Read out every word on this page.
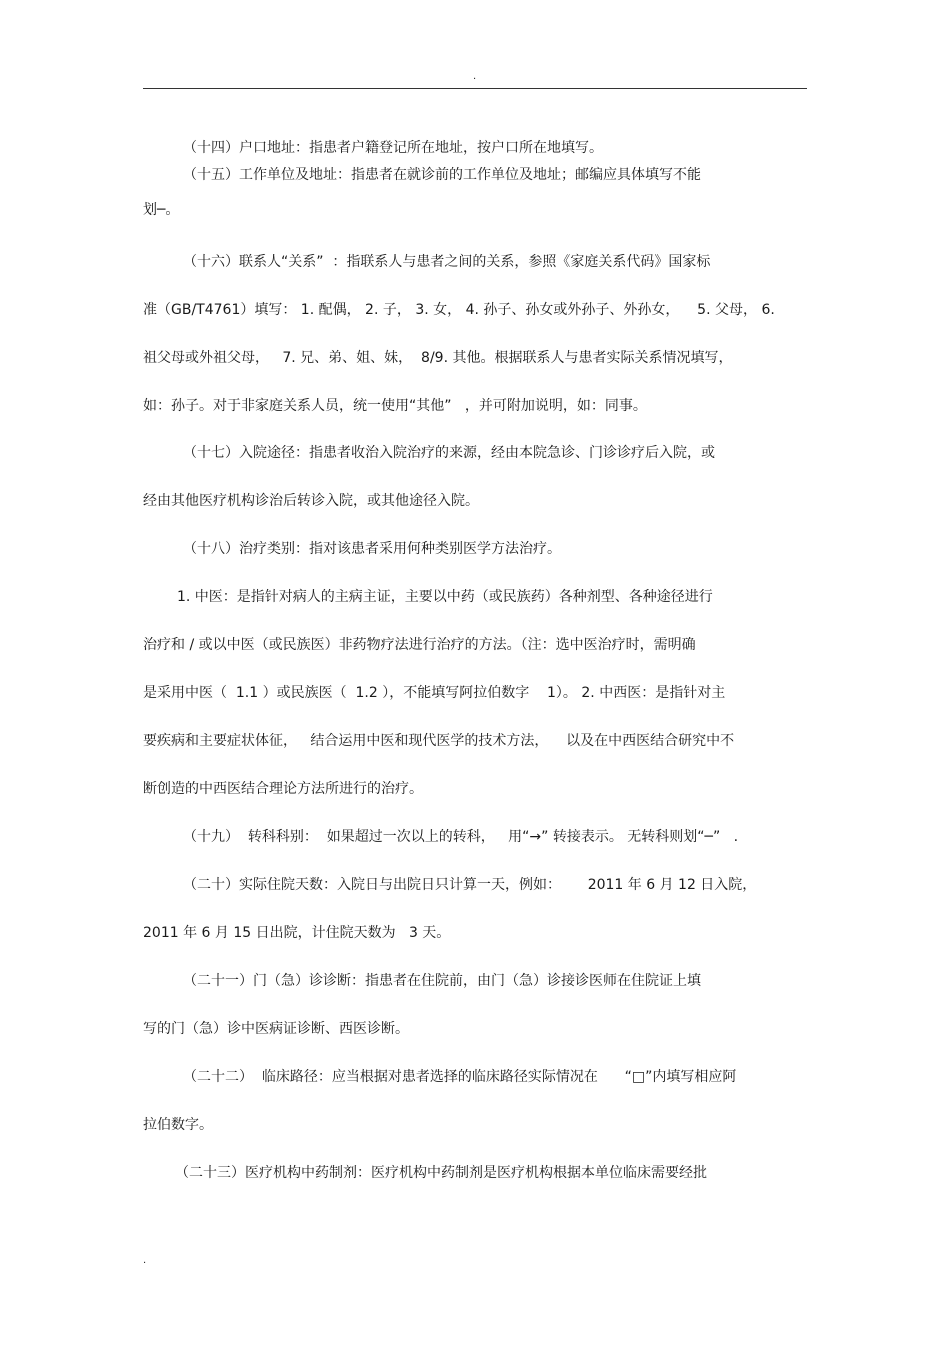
.
（十四）户口地址：指患者户籍登记所在地址，按户口所在地填写。
（十五）工作单位及地址：指患者在就诊前的工作单位及地址；邮编应具体填写不能
划─。
（十六）联系人“关系”  ：指联系人与患者之间的关系，参照《家庭关系代码》国家标
准（GB/T4761）填写： 1. 配偶， 2. 子， 3. 女， 4. 孙子、孙女或外孙子、外孙女，    5. 父母， 6.
祖父母或外祖父母，   7. 兄、弟、姐、妹，  8/9. 其他。根据联系人与患者实际关系情况填写，
如：孙子。对于非家庭关系人员，统一使用“其他”   ，并可附加说明，如：同事。
（十七）入院途径：指患者收治入院治疗的来源，经由本院急诊、门诊诊疗后入院，或
经由其他医疗机构诊治后转诊入院，或其他途径入院。
（十八）治疗类别：指对该患者采用何种类别医学方法治疗。
1. 中医：是指针对病人的主病主证，主要以中药（或民族药）各种剂型、各种途径进行
治疗和 / 或以中医（或民族医）非药物疗法进行治疗的方法。（注：选中医治疗时，需明确
是采用中医（  1.1 ）或民族医（  1.2 ），不能填写阿拉伯数字    1）。 2. 中西医：是指针对主
要疾病和主要症状体征，   结合运用中医和现代医学的技术方法，    以及在中西医结合研究中不
断创造的中西医结合理论方法所进行的治疗。
（十九）  转科科别：  如果超过一次以上的转科，   用“→” 转接表示。 无转科则划“─”   .
（二十）实际住院天数：入院日与出院日只计算一天，例如：      2011 年 6 月 12 日入院，
2011 年 6 月 15 日出院，计住院天数为   3 天。
（二十一）门（急）诊诊断：指患者在住院前，由门（急）诊接诊医师在住院证上填
写的门（急）诊中医病证诊断、西医诊断。
（二十二）  临床路径：应当根据对患者选择的临床路径实际情况在      “□”内填写相应阿
拉伯数字。
（二十三）医疗机构中药制剂：医疗机构中药制剂是医疗机构根据本单位临床需要经批
.
